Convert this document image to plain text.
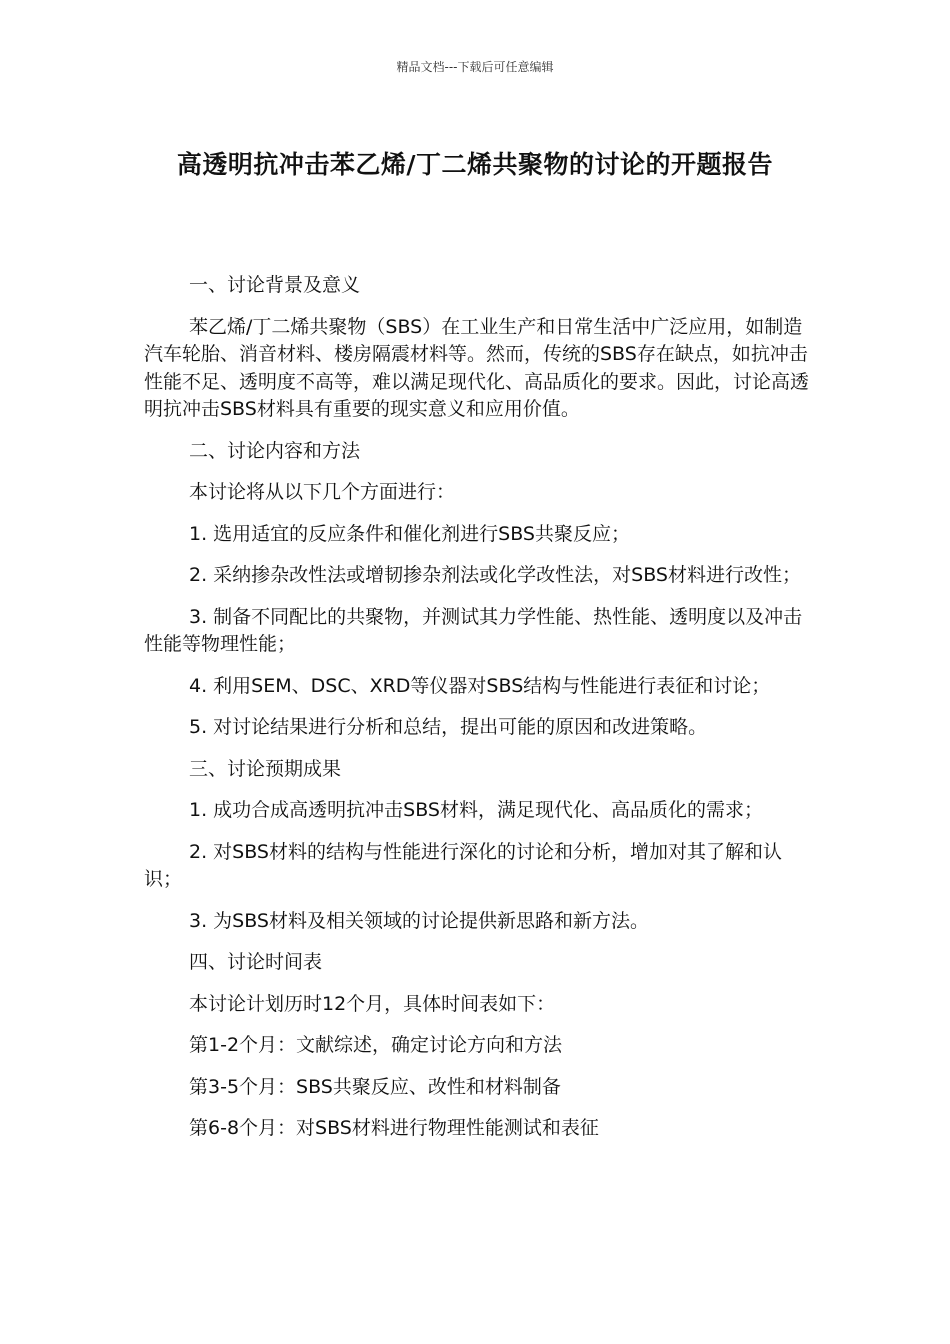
精品文档---下载后可任意编辑
高透明抗冲击苯乙烯/丁二烯共聚物的讨论的开题报告

一、讨论背景及意义

苯乙烯/丁二烯共聚物（SBS）在工业生产和日常生活中广泛应用，如制造汽车轮胎、消音材料、楼房隔震材料等。然而，传统的SBS存在缺点，如抗冲击性能不足、透明度不高等，难以满足现代化、高品质化的要求。因此，讨论高透明抗冲击SBS材料具有重要的现实意义和应用价值。

二、讨论内容和方法

本讨论将从以下几个方面进行：

1. 选用适宜的反应条件和催化剂进行SBS共聚反应；

2. 采纳掺杂改性法或增韧掺杂剂法或化学改性法，对SBS材料进行改性；

3. 制备不同配比的共聚物，并测试其力学性能、热性能、透明度以及冲击性能等物理性能；

4. 利用SEM、DSC、XRD等仪器对SBS结构与性能进行表征和讨论；

5. 对讨论结果进行分析和总结，提出可能的原因和改进策略。

三、讨论预期成果

1. 成功合成高透明抗冲击SBS材料，满足现代化、高品质化的需求；

2. 对SBS材料的结构与性能进行深化的讨论和分析，增加对其了解和认识；

3. 为SBS材料及相关领域的讨论提供新思路和新方法。

四、讨论时间表

本讨论计划历时12个月，具体时间表如下：

第1-2个月：文献综述，确定讨论方向和方法

第3-5个月：SBS共聚反应、改性和材料制备

第6-8个月：对SBS材料进行物理性能测试和表征
